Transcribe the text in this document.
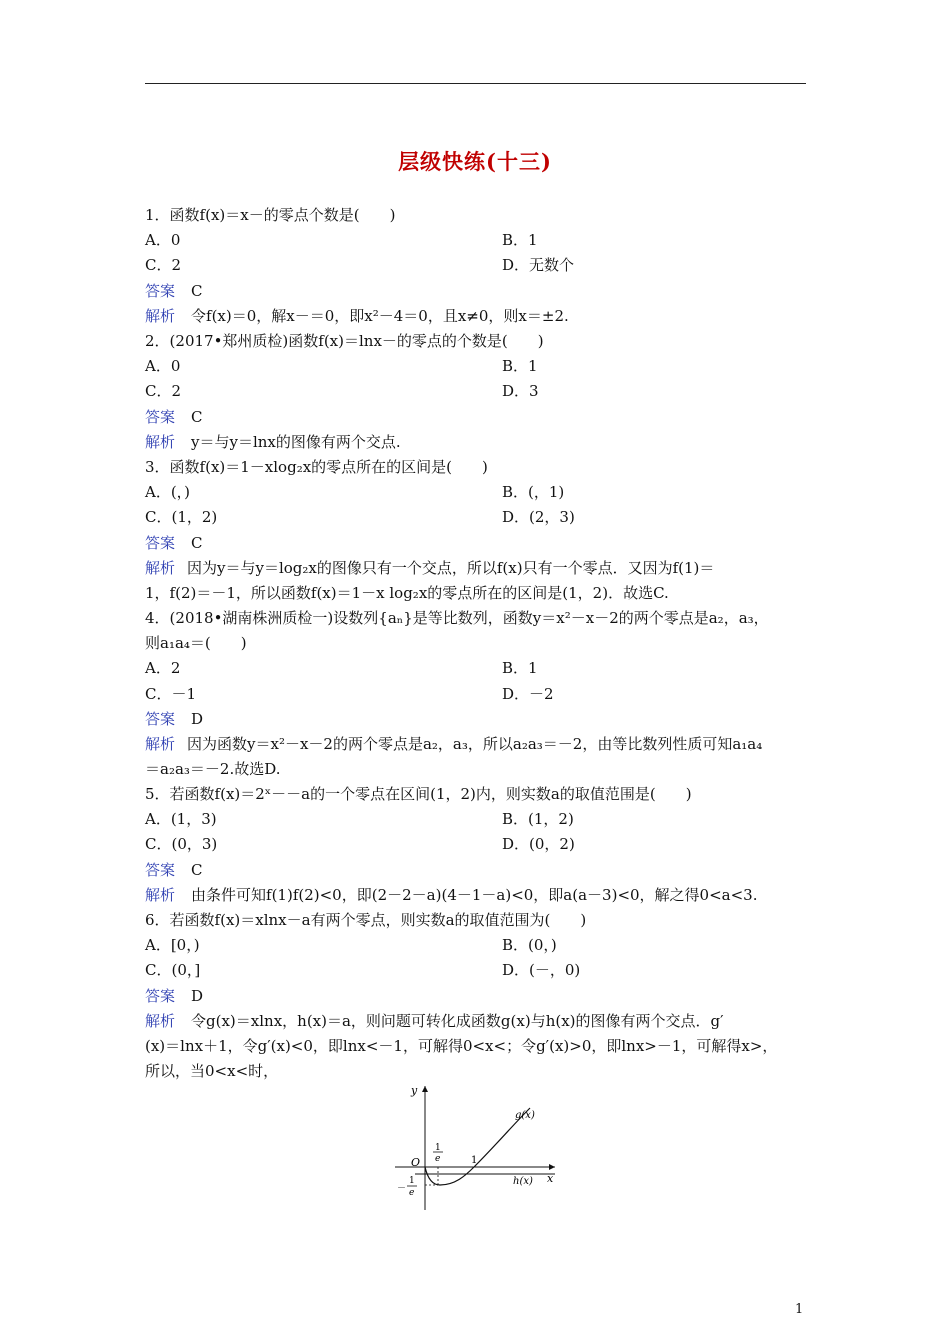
层级快练(十三)
1．函数f(x)＝x－的零点个数是(　　)
A．0	B．1
C．2	D．无数个
答案 C
解析 令f(x)＝0，解x－＝0，即x²－4＝0，且x≠0，则x＝±2.
2．(2017•郑州质检)函数f(x)＝lnx－的零点的个数是(　　)
A．0	B．1
C．2	D．3
答案 C
解析 y＝与y＝lnx的图像有两个交点.
3．函数f(x)＝1－xlog₂x的零点所在的区间是(　　)
A．(，)	B．(，1)
C．(1，2)	D．(2，3)
答案 C
解析 因为y＝与y＝log₂x的图像只有一个交点，所以f(x)只有一个零点．又因为f(1)＝
1，f(2)＝－1，所以函数f(x)＝1－x log₂x的零点所在的区间是(1，2)．故选C.
4．(2018•湖南株洲质检一)设数列{aₙ}是等比数列，函数y＝x²－x－2的两个零点是a₂，a₃，
则a₁a₄＝(　　)
A．2	B．1
C．－1	D．－2
答案 D
解析 因为函数y＝x²－x－2的两个零点是a₂，a₃，所以a₂a₃＝－2，由等比数列性质可知a₁a₄
＝a₂a₃＝－2.故选D.
5．若函数f(x)＝2ˣ－－a的一个零点在区间(1，2)内，则实数a的取值范围是(　　)
A．(1，3)	B．(1，2)
C．(0，3)	D．(0，2)
答案 C
解析 由条件可知f(1)f(2)<0，即(2－2－a)(4－1－a)<0，即a(a－3)<0，解之得0<a<3.
6．若函数f(x)＝xlnx－a有两个零点，则实数a的取值范围为(　　)
A．[0，)	B．(0，)
C．(0，]	D．(－，0)
答案 D
解析 令g(x)＝xlnx，h(x)＝a，则问题可转化成函数g(x)与h(x)的图像有两个交点．g′
(x)＝lnx＋1，令g′(x)<0，即lnx<－1，可解得0<x<；令g′(x)>0，即lnx>－1，可解得x>，
所以，当0<x<时，
y
x
O
g(x)
h(x)
1
1
e
－
1
e
1
